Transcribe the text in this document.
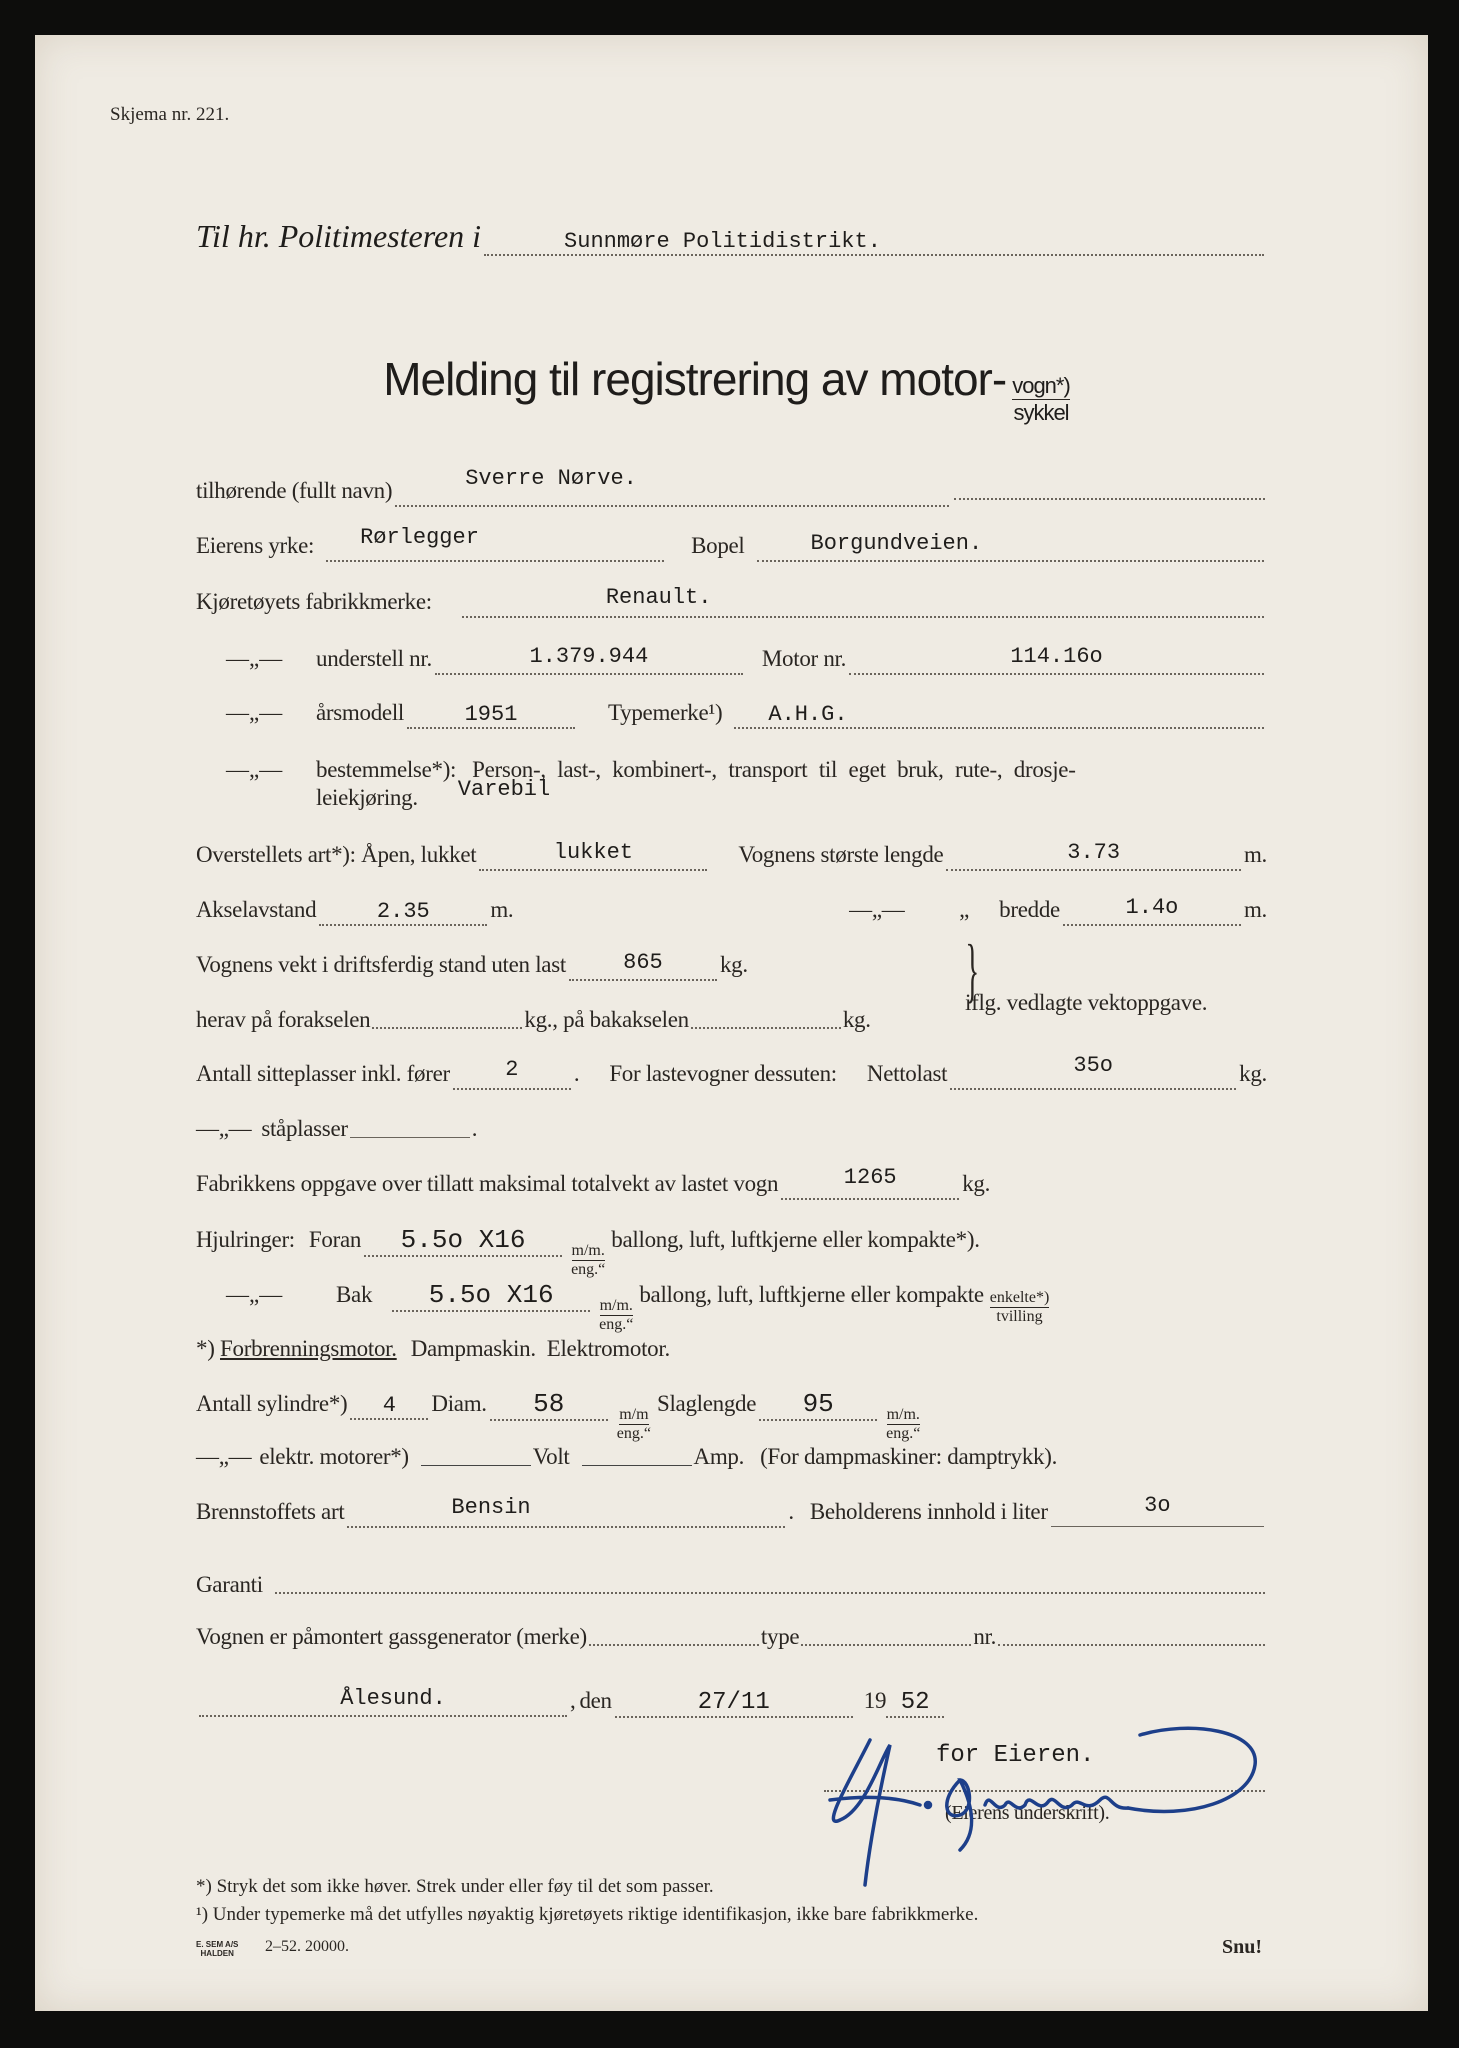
Skjema nr. 221.
Til hr. Politimesteren i	Sunnmøre Politidistrikt.
Melding til registrering av motor- $\frac{\text{vogn*)}}{\text{sykkel}}$
tilhørende (fullt navn)	Sverre Nørve.
Eierens yrke: Rørlegger	Bopel	Borgundveien.
Kjøretøyets fabrikkmerke:	Renault.
—„—	understell nr.	1.379.944	Motor nr.	114.16o
—„—	årsmodell	1951	Typemerke¹) A.H.G.
—„—	bestemmelse*): Person-, last-, kombinert-, transport til eget bruk, rute-, drosje-
leiekjøring. Varebil
Overstellets art*): Åpen, lukket	lukket	Vognens største lengde	3.73	m.
Akselavstand	2.35	m.	—„—	„	bredde	1.4o	m.
Vognens vekt i driftsferdig stand uten last	865 kg.	}
iflg. vedlagte vektoppgave.
herav på forakselen	kg., på bakakselen	kg.
Antall sitteplasser inkl. fører	2 . For lastevogner dessuten: Nettolast	35o	kg.
—„— ståplasser	.
Fabrikkens oppgave over tillatt maksimal totalvekt av lastet vogn	1265	kg.
Hjulringer: Foran 5.5o X16
$\frac{m/m.}{\text{eng.“}}$
ballong, luft, luftkjerne eller kompakte*).
—„—	Bak 5.5o X16
$\frac{m/m.}{\text{eng.“}}$
ballong, luft, luftkjerne eller kompakte $\frac{\text{enkelte*)}}{\text{tvilling}}$
*) Forbrenningsmotor. Dampmaskin.  Elektromotor.
Antall sylindre*) 4 Diam. 58
$\frac{m/m}{\text{eng.“}}$
Slaglengde 95
$\frac{m/m.}{\text{eng.“}}$
—„— elektr. motorer*)	Volt	Amp. (For dampmaskiner: damptrykk).
Brennstoffets art	Bensin	. Beholderens innhold i liter	3o
Garanti
Vognen er påmontert gassgenerator (merke)	type	nr.
Ålesund.	, den	27/11	19 52
for Eieren.
(Eierens underskrift).
*) Stryk det som ikke høver. Strek under eller føy til det som passer.
¹) Under typemerke må det utfylles nøyaktig kjøretøyets riktige identifikasjon, ikke bare fabrikkmerke.
E. SEM A/S
HALDEN 2–52. 20000.	Snu!
